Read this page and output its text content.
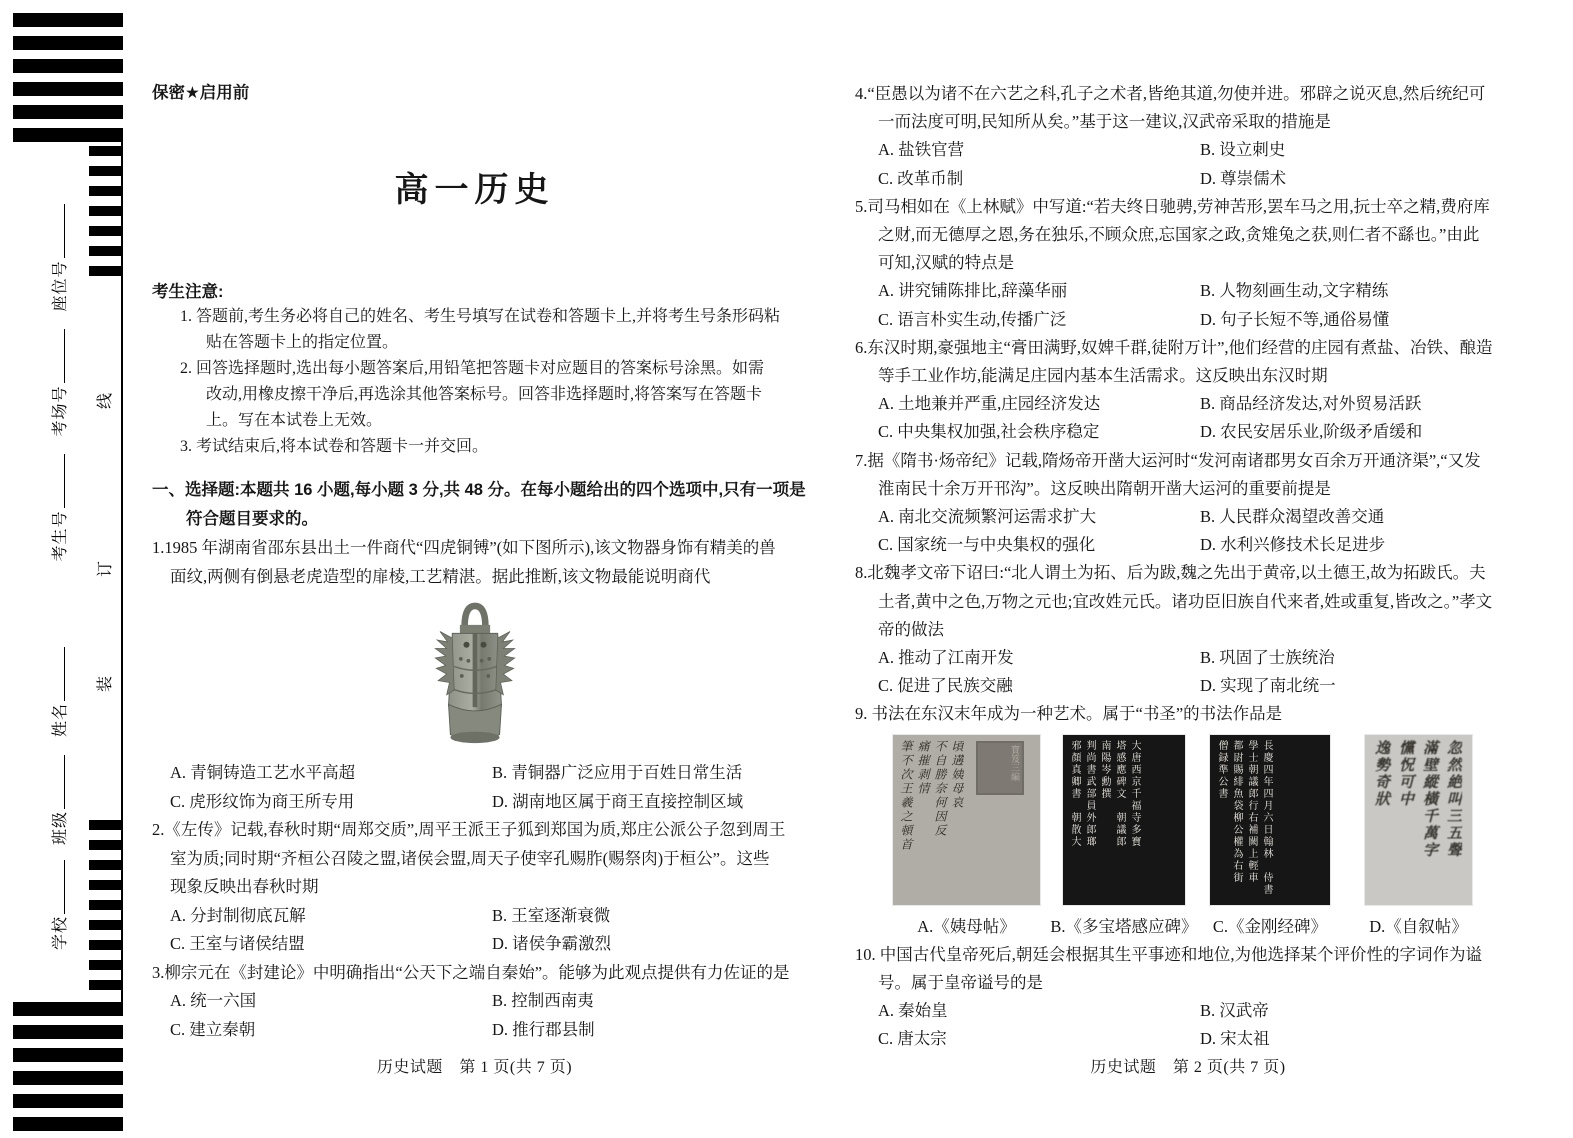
座位号
考场号
考生号
姓名
班级
学校
线
订
装
保密★启用前
高一历史
考生注意:
1. 答题前,考生务必将自己的姓名、考生号填写在试卷和答题卡上,并将考生号条形码粘
贴在答题卡上的指定位置。
2. 回答选择题时,选出每小题答案后,用铅笔把答题卡对应题目的答案标号涂黑。如需
改动,用橡皮擦干净后,再选涂其他答案标号。回答非选择题时,将答案写在答题卡
上。写在本试卷上无效。
3. 考试结束后,将本试卷和答题卡一并交回。
一、选择题:本题共 16 小题,每小题 3 分,共 48 分。在每小题给出的四个选项中,只有一项是
符合题目要求的。
1.1985 年湖南省邵东县出土一件商代“四虎铜镈”(如下图所示),该文物器身饰有精美的兽
面纹,两侧有倒悬老虎造型的扉棱,工艺精湛。据此推断,该文物最能说明商代
A. 青铜铸造工艺水平高超	B. 青铜器广泛应用于百姓日常生活
C. 虎形纹饰为商王所专用	D. 湖南地区属于商王直接控制区域
2.《左传》记载,春秋时期“周郑交质”,周平王派王子狐到郑国为质,郑庄公派公子忽到周王
室为质;同时期“齐桓公召陵之盟,诸侯会盟,周天子使宰孔赐胙(赐祭肉)于桓公”。这些
现象反映出春秋时期
A. 分封制彻底瓦解	B. 王室逐渐衰微
C. 王室与诸侯结盟	D. 诸侯争霸激烈
3.柳宗元在《封建论》中明确指出“公天下之端自秦始”。能够为此观点提供有力佐证的是
A. 统一六国	B. 控制西南夷
C. 建立秦朝	D. 推行郡县制
历史试题　第 1 页(共 7 页)
4.“臣愚以为诸不在六艺之科,孔子之术者,皆绝其道,勿使并进。邪辟之说灭息,然后统纪可
一而法度可明,民知所从矣。”基于这一建议,汉武帝采取的措施是
A. 盐铁官营	B. 设立刺史
C. 改革币制	D. 尊崇儒术
5.司马相如在《上林赋》中写道:“若夫终日驰骋,劳神苦形,罢车马之用,抏士卒之精,费府库
之财,而无德厚之恩,务在独乐,不顾众庶,忘国家之政,贪雉兔之获,则仁者不繇也。”由此
可知,汉赋的特点是
A. 讲究铺陈排比,辞藻华丽	B. 人物刻画生动,文字精练
C. 语言朴实生动,传播广泛	D. 句子长短不等,通俗易懂
6.东汉时期,豪强地主“膏田满野,奴婢千群,徒附万计”,他们经营的庄园有煮盐、冶铁、酿造
等手工业作坊,能满足庄园内基本生活需求。这反映出东汉时期
A. 土地兼并严重,庄园经济发达	B. 商品经济发达,对外贸易活跃
C. 中央集权加强,社会秩序稳定	D. 农民安居乐业,阶级矛盾缓和
7.据《隋书·炀帝纪》记载,隋炀帝开凿大运河时“发河南诸郡男女百余万开通济渠”,“又发
淮南民十余万开邗沟”。这反映出隋朝开凿大运河的重要前提是
A. 南北交流频繁河运需求扩大	B. 人民群众渴望改善交通
C. 国家统一与中央集权的强化	D. 水利兴修技术长足进步
8.北魏孝文帝下诏曰:“北人谓土为拓、后为跋,魏之先出于黄帝,以土德王,故为拓跋氏。夫
土者,黄中之色,万物之元也;宜改姓元氏。诸功臣旧族自代来者,姓或重复,皆改之。”孝文
帝的做法
A. 推动了江南开发	B. 巩固了士族统治
C. 促进了民族交融	D. 实现了南北统一
9. 书法在东汉末年成为一种艺术。属于“书圣”的书法作品是
頃遘姨母哀
不自勝奈何因反
痛摧剥情
筆不次王羲之頓首	寶笈三編
A.《姨母帖》
大唐西京千福寺多寶
塔感應碑文　朝議郎
南陽岑勳撰
判尚書武部員外郎瑯
邪顏真卿書　朝散大
B.《多宝塔感应碑》
長慶四年四月六日翰林　侍書
學士朝議郎行右補闕上輕車
都尉賜緋魚袋柳公權為右街
僧録準公書
C.《金刚经碑》
忽然絶叫三五聲
滿壁縱橫千萬字
戃怳可中
逸勢奇狀
D.《自叙帖》
10. 中国古代皇帝死后,朝廷会根据其生平事迹和地位,为他选择某个评价性的字词作为谥
号。属于皇帝谥号的是
A. 秦始皇	B. 汉武帝
C. 唐太宗	D. 宋太祖
历史试题　第 2 页(共 7 页)
